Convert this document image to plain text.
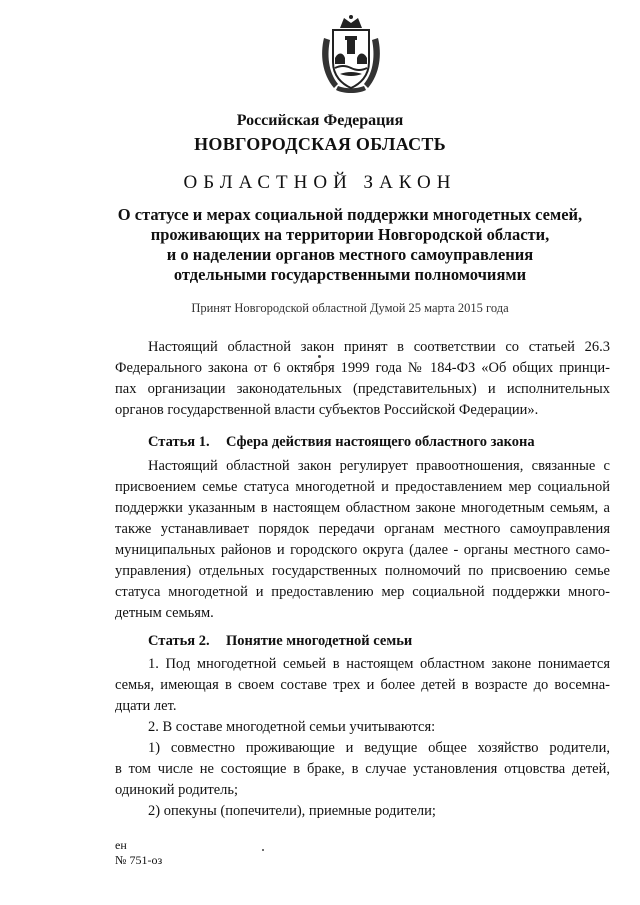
Российская Федерация
НОВГОРОДСКАЯ ОБЛАСТЬ
ОБЛАСТНОЙ ЗАКОН
О статусе и мерах социальной поддержки многодетных семей,
проживающих на территории Новгородской области,
и о наделении органов местного самоуправления
отдельными государственными полномочиями
Принят Новгородской областной Думой 25 марта 2015 года
Настоящий областной закон принят в соответствии со статьей 26.3
Федерального закона от 6 октября 1999 года № 184-ФЗ «Об общих принци-
пах организации законодательных (представительных) и исполнительных
органов государственной власти субъектов Российской Федерации».
Статья 1. Сфера действия настоящего областного закона
Настоящий областной закон регулирует правоотношения, связанные с
присвоением семье статуса многодетной и предоставлением мер социальной
поддержки указанным в настоящем областном законе многодетным семьям, а
также устанавливает порядок передачи органам местного самоуправления
муниципальных районов и городского округа (далее - органы местного само-
управления) отдельных государственных полномочий по присвоению семье
статуса многодетной и предоставлению мер социальной поддержки много-
детным семьям.
Статья 2. Понятие многодетной семьи
1. Под многодетной семьей в настоящем областном законе понимается
семья, имеющая в своем составе трех и более детей в возрасте до восемна-
дцати лет.
2. В составе многодетной семьи учитываются:
1) совместно проживающие и ведущие общее хозяйство родители,
в том числе не состоящие в браке, в случае установления отцовства детей,
одинокий родитель;
2) опекуны (попечители), приемные родители;
ен
№ 751-оз
